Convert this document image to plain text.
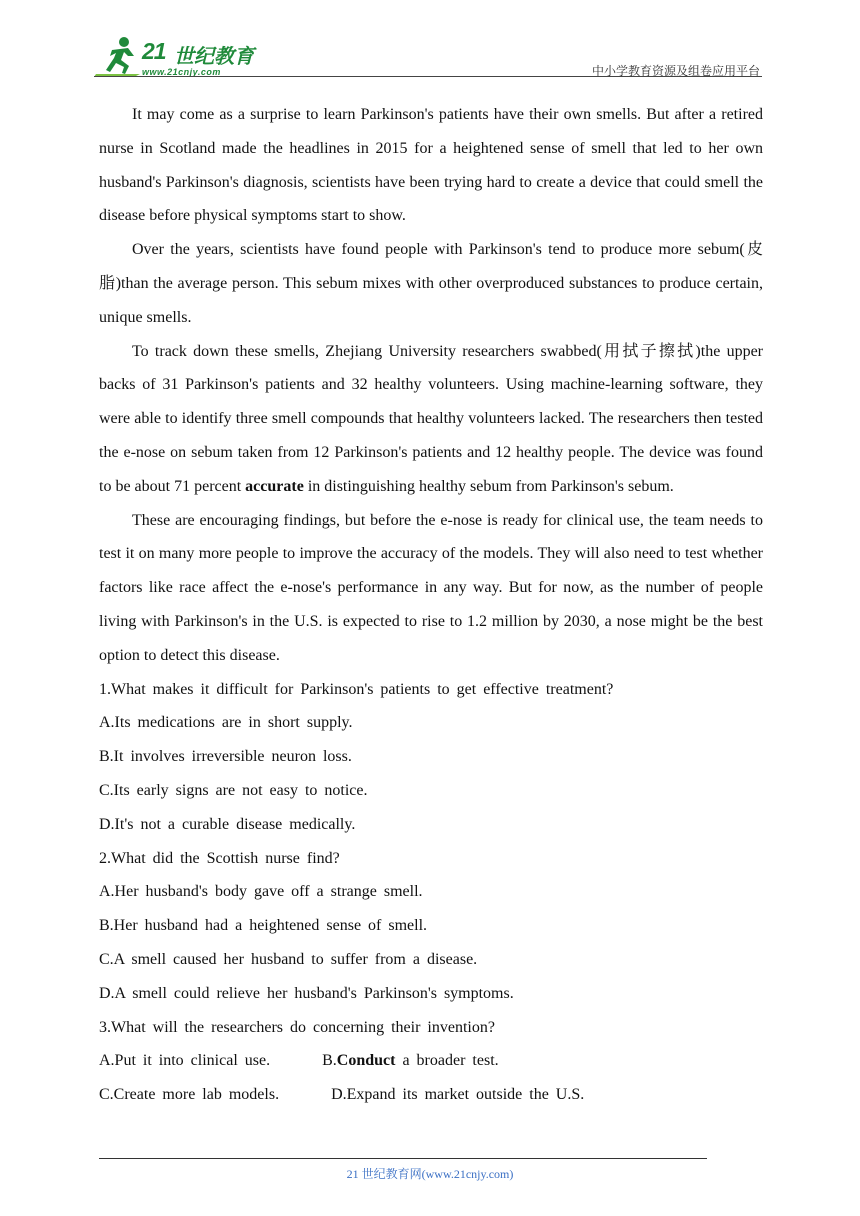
21 世纪教育
www.21cnjy.com	中小学教育资源及组卷应用平台

It may come as a surprise to learn Parkinson's patients have their own smells. But after a retired nurse in Scotland made the headlines in 2015 for a heightened sense of smell that led to her own husband's Parkinson's diagnosis, scientists have been trying hard to create a device that could smell the disease before physical symptoms start to show.

Over the years, scientists have found people with Parkinson's tend to produce more sebum(皮脂)than the average person. This sebum mixes with other overproduced substances to produce certain, unique smells.

To track down these smells, Zhejiang University researchers swabbed(用拭子擦拭)the upper backs of 31 Parkinson's patients and 32 healthy volunteers. Using machine-learning software, they were able to identify three smell compounds that healthy volunteers lacked. The researchers then tested the e-nose on sebum taken from 12 Parkinson's patients and 12 healthy people. The device was found to be about 71 percent accurate in distinguishing healthy sebum from Parkinson's sebum.

These are encouraging findings, but before the e-nose is ready for clinical use, the team needs to test it on many more people to improve the accuracy of the models. They will also need to test whether factors like race affect the e-nose's performance in any way. But for now, as the number of people living with Parkinson's in the U.S. is expected to rise to 1.2 million by 2030, a nose might be the best option to detect this disease.

1.What makes it difficult for Parkinson's patients to get effective treatment?

A.Its medications are in short supply.

B.It involves irreversible neuron loss.

C.Its early signs are not easy to notice.

D.It's not a curable disease medically.

2.What did the Scottish nurse find?

A.Her husband's body gave off a strange smell.

B.Her husband had a heightened sense of smell.

C.A smell caused her husband to suffer from a disease.

D.A smell could relieve her husband's Parkinson's symptoms.

3.What will the researchers do concerning their invention?

A.Put it into clinical use.	B.Conduct a broader test.

C.Create more lab models.	D.Expand its market outside the U.S.

21 世纪教育网(www.21cnjy.com)
